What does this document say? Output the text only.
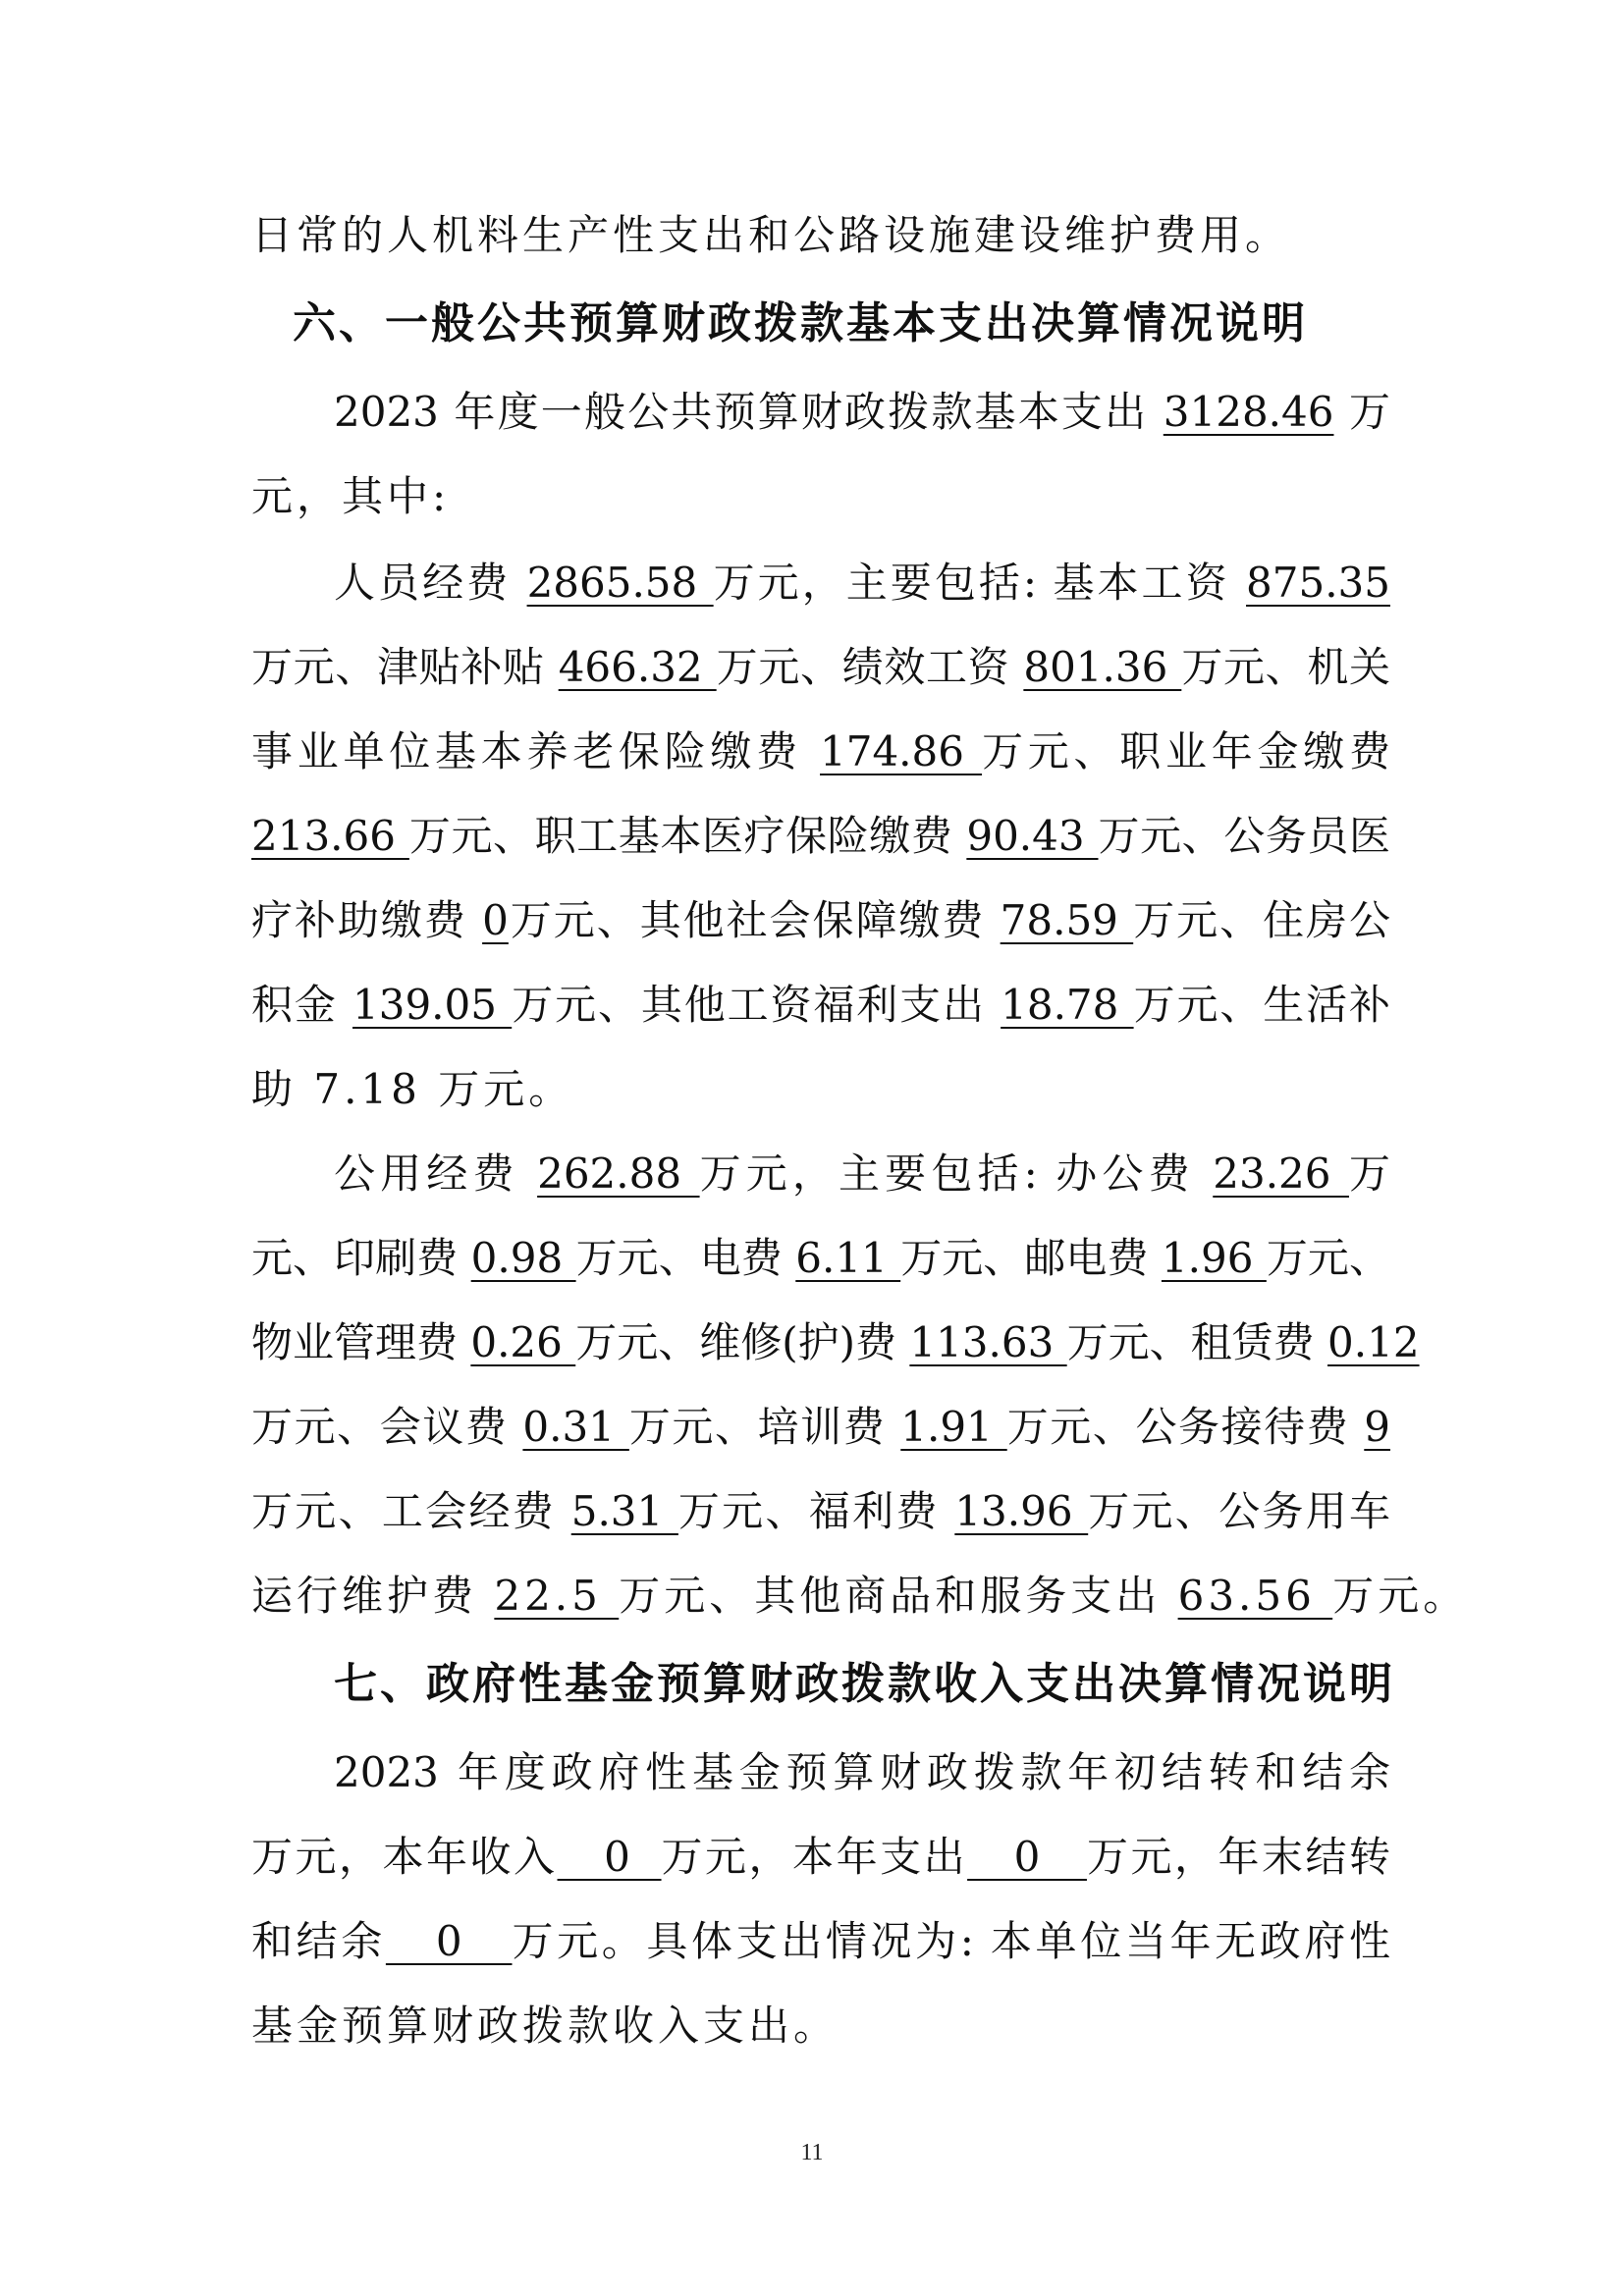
日常的人机料生产性支出和公路设施建设维护费用。
六、一般公共预算财政拨款基本支出决算情况说明
2023 年度一般公共预算财政拨款基本支出 3128.46 万
元，其中:
人员经费 2865.58 万元，主要包括: 基本工资 875.35
万元、津贴补贴 466.32 万元、绩效工资 801.36 万元、机关
事业单位基本养老保险缴费 174.86 万元、职业年金缴费
213.66 万元、职工基本医疗保险缴费 90.43 万元、公务员医
疗补助缴费 0万元、其他社会保障缴费 78.59 万元、住房公
积金 139.05 万元、其他工资福利支出 18.78 万元、生活补
助 7.18 万元。
公用经费 262.88 万元，主要包括: 办公费 23.26 万
元、印刷费 0.98 万元、电费 6.11 万元、邮电费 1.96 万元、
物业管理费 0.26 万元、维修(护)费 113.63 万元、租赁费 0.12
万元、会议费 0.31 万元、培训费 1.91 万元、公务接待费 9
万元、工会经费 5.31 万元、福利费 13.96 万元、公务用车
运行维护费 22.5 万元、其他商品和服务支出 63.56 万元。
七、政府性基金预算财政拨款收入支出决算情况说明
2023 年度政府性基金预算财政拨款年初结转和结余
万元，本年收入   0  万元，本年支出   0   万元，年末结转
和结余   0   万元。具体支出情况为: 本单位当年无政府性
基金预算财政拨款收入支出。
11
